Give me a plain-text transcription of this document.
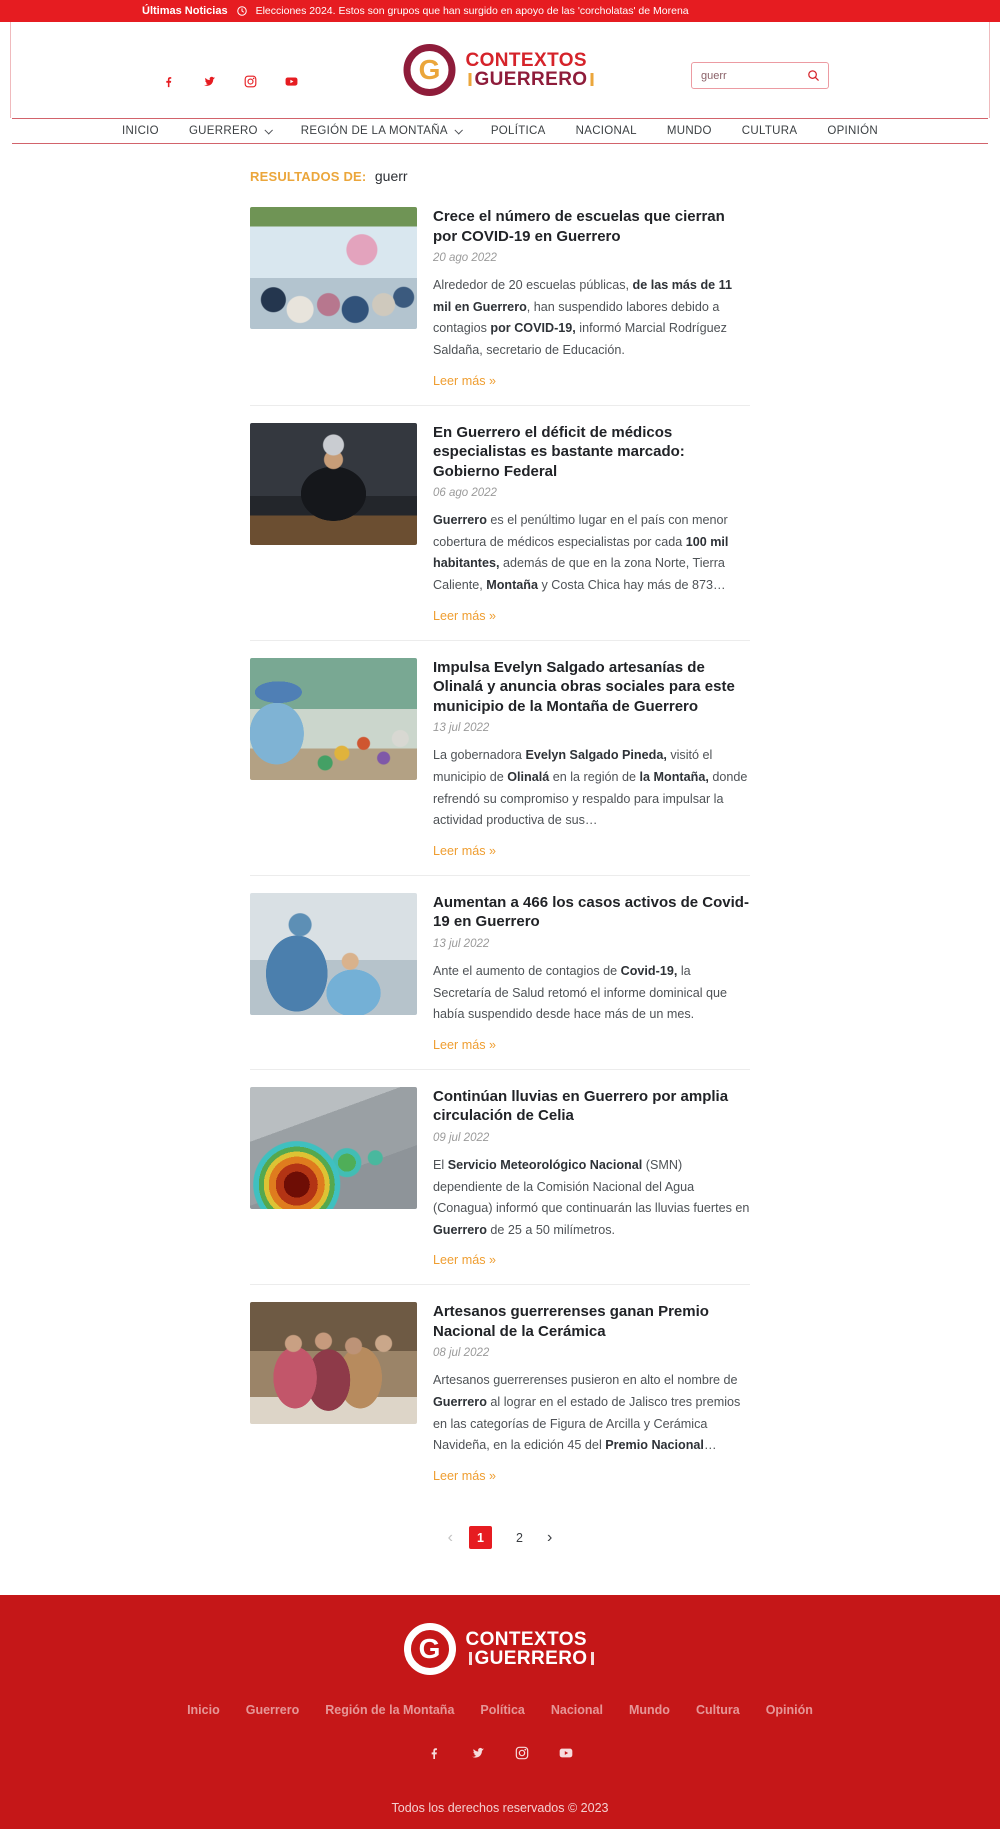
Últimas Noticias	Elecciones 2024. Estos son grupos que han surgido en apoyo de las 'corcholatas' de Morena
G CONTEXTOS
GUERRERO
guerr
INICIO	GUERRERO	REGIÓN DE LA MONTAÑA	POLÍTICA	NACIONAL	MUNDO	CULTURA	OPINIÓN
RESULTADOS DE: guerr
Crece el número de escuelas que cierran por COVID-19 en Guerrero
20 ago 2022

Alrededor de 20 escuelas públicas, de las más de 11 mil en Guerrero, han suspendido labores debido a contagios por COVID-19, informó Marcial Rodríguez Saldaña, secretario de Educación.

Leer más »
En Guerrero el déficit de médicos especialistas es bastante marcado: Gobierno Federal
06 ago 2022

Guerrero es el penúltimo lugar en el país con menor cobertura de médicos especialistas por cada 100 mil habitantes, además de que en la zona Norte, Tierra Caliente, Montaña y Costa Chica hay más de 873…

Leer más »
Impulsa Evelyn Salgado artesanías de Olinalá y anuncia obras sociales para este municipio de la Montaña de Guerrero
13 jul 2022

La gobernadora Evelyn Salgado Pineda, visitó el municipio de Olinalá en la región de la Montaña, donde refrendó su compromiso y respaldo para impulsar la actividad productiva de sus…

Leer más »
Aumentan a 466 los casos activos de Covid-19 en Guerrero
13 jul 2022

Ante el aumento de contagios de Covid-19, la Secretaría de Salud retomó el informe dominical que había suspendido desde hace más de un mes.

Leer más »
Continúan lluvias en Guerrero por amplia circulación de Celia
09 jul 2022

El Servicio Meteorológico Nacional (SMN) dependiente de la Comisión Nacional del Agua (Conagua) informó que continuarán las lluvias fuertes en Guerrero de 25 a 50 milímetros.

Leer más »
Artesanos guerrerenses ganan Premio Nacional de la Cerámica
08 jul 2022

Artesanos guerrerenses pusieron en alto el nombre de Guerrero al lograr en el estado de Jalisco tres premios en las categorías de Figura de Arcilla y Cerámica Navideña, en la edición 45 del Premio Nacional…

Leer más »
‹	1	2	›
G CONTEXTOS
GUERRERO
Inicio Guerrero Región de la Montaña Política Nacional Mundo Cultura Opinión
Todos los derechos reservados © 2023
